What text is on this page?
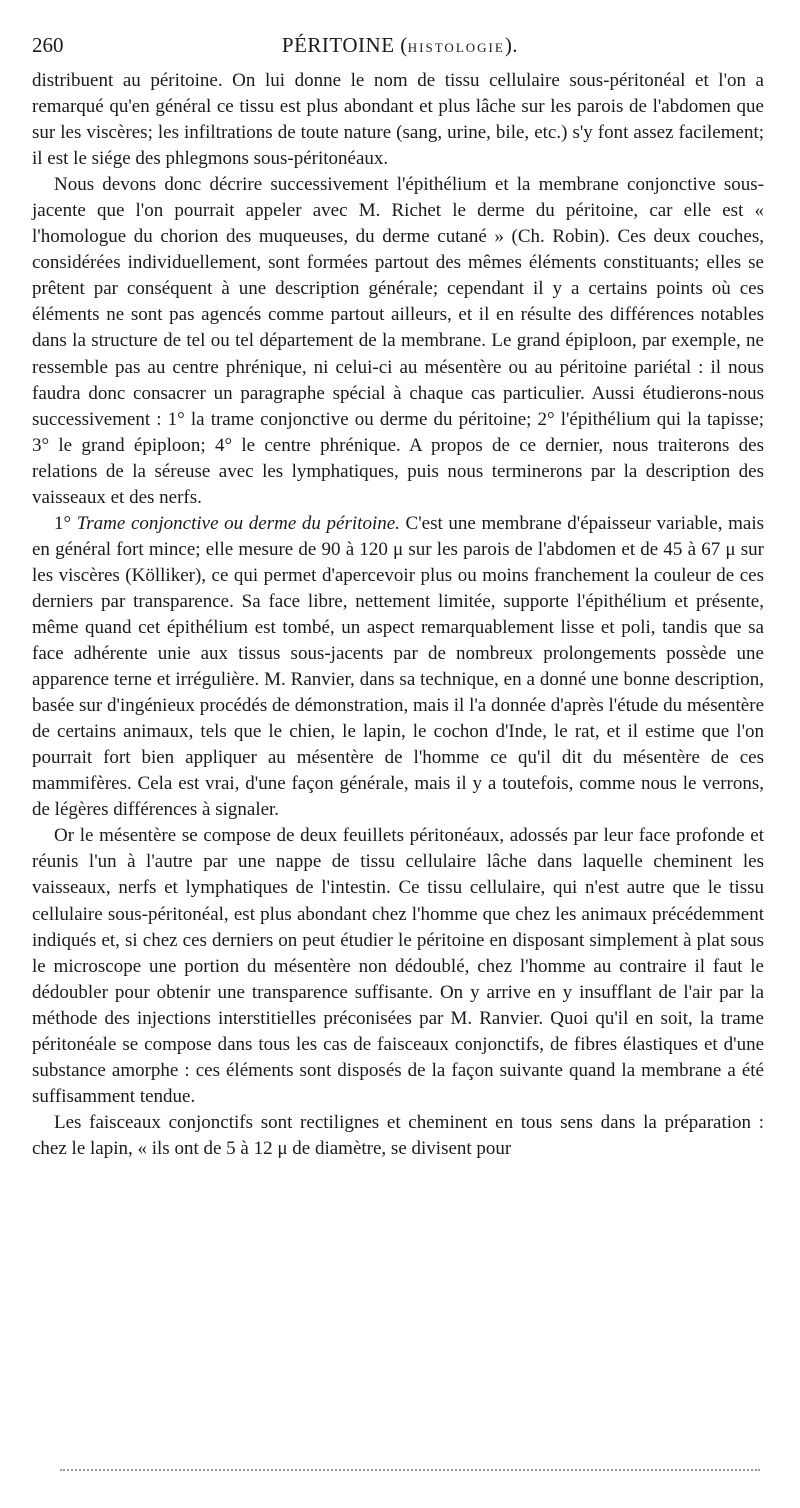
260	PÉRITOINE (HISTOLOGIE).

distribuent au péritoine. On lui donne le nom de tissu cellulaire sous-péritonéal et l'on a remarqué qu'en général ce tissu est plus abondant et plus lâche sur les parois de l'abdomen que sur les viscères; les infiltrations de toute nature (sang, urine, bile, etc.) s'y font assez facilement; il est le siége des phlegmons sous-péritonéaux.

Nous devons donc décrire successivement l'épithélium et la membrane conjonctive sous-jacente que l'on pourrait appeler avec M. Richet le derme du péritoine, car elle est « l'homologue du chorion des muqueuses, du derme cutané » (Ch. Robin). Ces deux couches, considérées individuellement, sont formées partout des mêmes éléments constituants; elles se prêtent par conséquent à une description générale; cependant il y a certains points où ces éléments ne sont pas agencés comme partout ailleurs, et il en résulte des différences notables dans la structure de tel ou tel département de la membrane. Le grand épiploon, par exemple, ne ressemble pas au centre phrénique, ni celui-ci au mésentère ou au péritoine pariétal : il nous faudra donc consacrer un paragraphe spécial à chaque cas particulier. Aussi étudierons-nous successivement : 1° la trame conjonctive ou derme du péritoine; 2° l'épithélium qui la tapisse; 3° le grand épiploon; 4° le centre phrénique. A propos de ce dernier, nous traiterons des relations de la séreuse avec les lymphatiques, puis nous terminerons par la description des vaisseaux et des nerfs.

1° Trame conjonctive ou derme du péritoine. C'est une membrane d'épaisseur variable, mais en général fort mince; elle mesure de 90 à 120 μ sur les parois de l'abdomen et de 45 à 67 μ sur les viscères (Kölliker), ce qui permet d'apercevoir plus ou moins franchement la couleur de ces derniers par transparence. Sa face libre, nettement limitée, supporte l'épithélium et présente, même quand cet épithélium est tombé, un aspect remarquablement lisse et poli, tandis que sa face adhérente unie aux tissus sous-jacents par de nombreux prolongements possède une apparence terne et irrégulière. M. Ranvier, dans sa technique, en a donné une bonne description, basée sur d'ingénieux procédés de démonstration, mais il l'a donnée d'après l'étude du mésentère de certains animaux, tels que le chien, le lapin, le cochon d'Inde, le rat, et il estime que l'on pourrait fort bien appliquer au mésentère de l'homme ce qu'il dit du mésentère de ces mammifères. Cela est vrai, d'une façon générale, mais il y a toutefois, comme nous le verrons, de légères différences à signaler.

Or le mésentère se compose de deux feuillets péritonéaux, adossés par leur face profonde et réunis l'un à l'autre par une nappe de tissu cellulaire lâche dans laquelle cheminent les vaisseaux, nerfs et lymphatiques de l'intestin. Ce tissu cellulaire, qui n'est autre que le tissu cellulaire sous-péritonéal, est plus abondant chez l'homme que chez les animaux précédemment indiqués et, si chez ces derniers on peut étudier le péritoine en disposant simplement à plat sous le microscope une portion du mésentère non dédoublé, chez l'homme au contraire il faut le dédoubler pour obtenir une transparence suffisante. On y arrive en y insufflant de l'air par la méthode des injections interstitielles préconisées par M. Ranvier. Quoi qu'il en soit, la trame péritonéale se compose dans tous les cas de faisceaux conjonctifs, de fibres élastiques et d'une substance amorphe : ces éléments sont disposés de la façon suivante quand la membrane a été suffisamment tendue.

Les faisceaux conjonctifs sont rectilignes et cheminent en tous sens dans la préparation : chez le lapin, « ils ont de 5 à 12 μ de diamètre, se divisent pour
